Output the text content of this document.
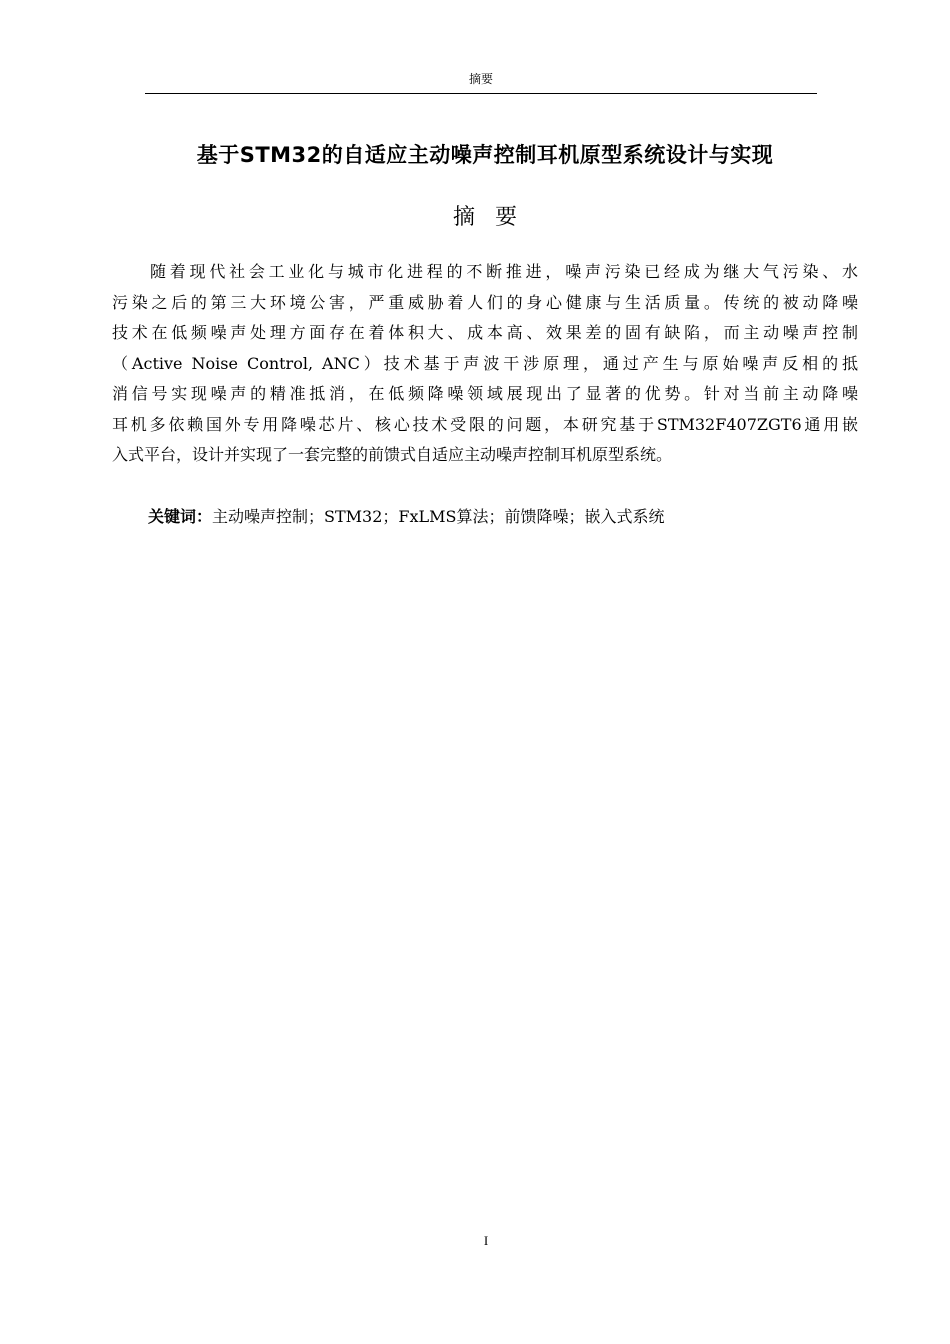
摘要
基于STM32的自适应主动噪声控制耳机原型系统设计与实现
摘要
随着现代社会工业化与城市化进程的不断推进，噪声污染已经成为继大气污染、水
污染之后的第三大环境公害，严重威胁着人们的身心健康与生活质量。传统的被动降噪
技术在低频噪声处理方面存在着体积大、成本高、效果差的固有缺陷，而主动噪声控制
（Active Noise Control, ANC）技术基于声波干涉原理，通过产生与原始噪声反相的抵
消信号实现噪声的精准抵消，在低频降噪领域展现出了显著的优势。针对当前主动降噪
耳机多依赖国外专用降噪芯片、核心技术受限的问题，本研究基于STM32F407ZGT6通用嵌
入式平台，设计并实现了一套完整的前馈式自适应主动噪声控制耳机原型系统。
关键词：主动噪声控制；STM32；FxLMS算法；前馈降噪；嵌入式系统
I
